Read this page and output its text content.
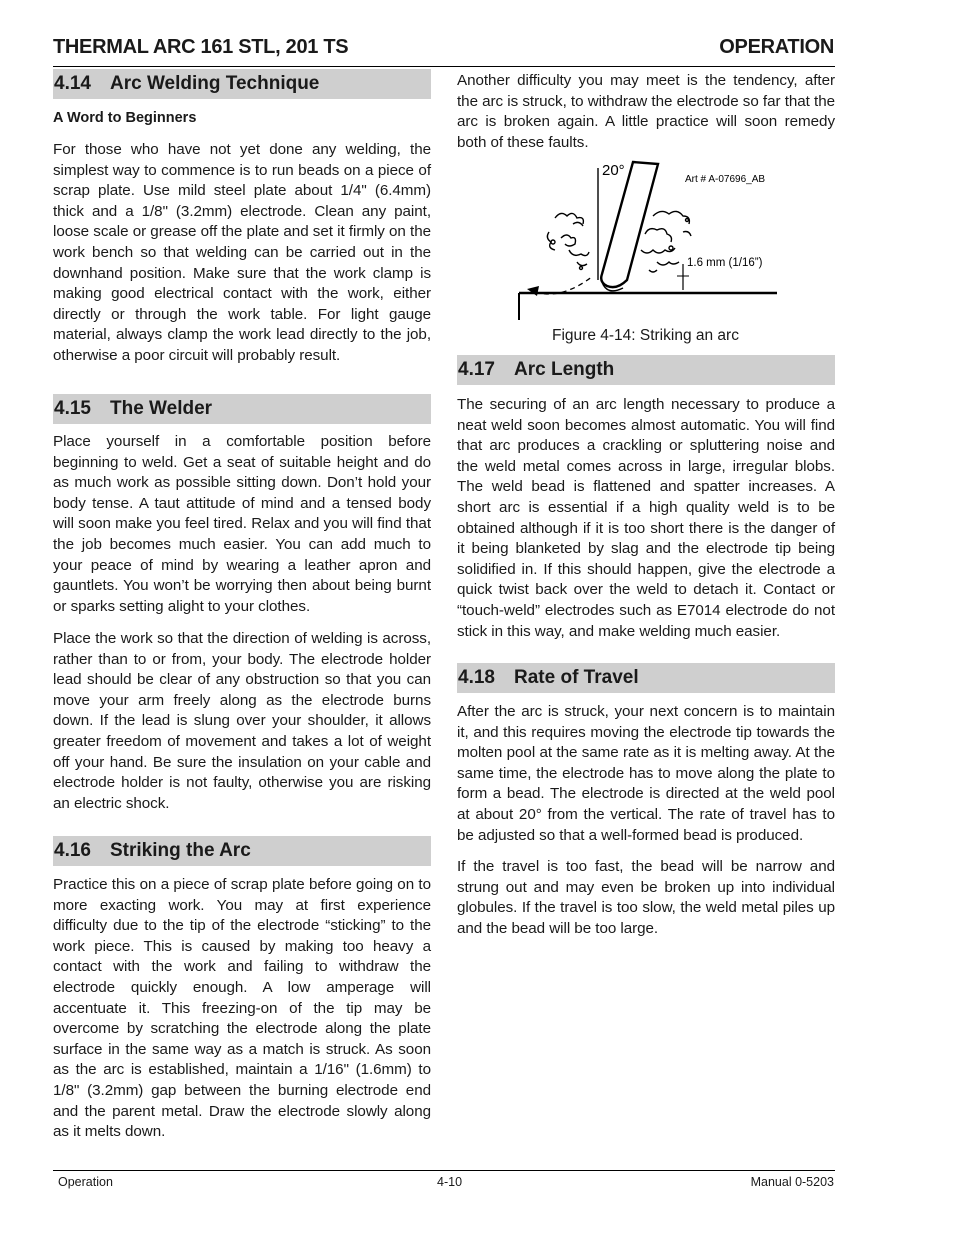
THERMAL ARC 161 STL, 201 TS	OPERATION
4.14 Arc Welding Technique
A Word to Beginners

For those who have not yet done any welding, the simplest way to commence is to run beads on a piece of scrap plate. Use mild steel plate about 1/4" (6.4mm) thick and a 1/8" (3.2mm) electrode. Clean any paint, loose scale or grease off the plate and set it firmly on the work bench so that welding can be carried out in the downhand position. Make sure that the work clamp is making good electrical contact with the work, either directly or through the work table. For light gauge material, always clamp the work lead directly to the job, otherwise a poor circuit will probably result.

4.15 The Welder

Place yourself in a comfortable position before beginning to weld. Get a seat of suitable height and do as much work as possible sitting down. Don’t hold your body tense. A taut attitude of mind and a tensed body will soon make you feel tired. Relax and you will find that the job becomes much easier. You can add much to your peace of mind by wearing a leather apron and gauntlets. You won’t be worrying then about being burnt or sparks setting alight to your clothes.

Place the work so that the direction of welding is across, rather than to or from, your body. The electrode holder lead should be clear of any obstruction so that you can move your arm freely along as the electrode burns down. If the lead is slung over your shoulder, it allows greater freedom of movement and takes a lot of weight off your hand. Be sure the insulation on your cable and electrode holder is not faulty, otherwise you are risking an electric shock.

4.16 Striking the Arc

Practice this on a piece of scrap plate before going on to more exacting work. You may at first experience difficulty due to the tip of the electrode “sticking” to the work piece. This is caused by making too heavy a contact with the work and failing to withdraw the electrode quickly enough. A low amperage will accentuate it. This freezing-on of the tip may be overcome by scratching the electrode along the plate surface in the same way as a match is struck. As soon as the arc is established, maintain a 1/16" (1.6mm) to 1/8" (3.2mm) gap between the burning electrode end and the parent metal. Draw the electrode slowly along as it melts down.

Another difficulty you may meet is the tendency, after the arc is struck, to withdraw the electrode so far that the arc is broken again. A little practice will soon remedy both of these faults.

4.17 Arc Length

The securing of an arc length necessary to produce a neat weld soon becomes almost automatic. You will find that arc produces a crackling or spluttering noise and the weld metal comes across in large, irregular blobs. The weld bead is flattened and spatter increases. A short arc is essential if a high quality weld is to be obtained although if it is too short there is the danger of it being blanketed by slag and the electrode tip being solidified in. If this should happen, give the electrode a quick twist back over the weld to detach it. Contact or “touch-weld” electrodes such as E7014 electrode do not stick in this way, and make welding much easier.

4.18 Rate of Travel

After the arc is struck, your next concern is to maintain it, and this requires moving the electrode tip towards the molten pool at the same rate as it is melting away. At the same time, the electrode has to move along the plate to form a bead. The electrode is directed at the weld pool at about 20° from the vertical. The rate of travel has to be adjusted so that a well-formed bead is produced.

If the travel is too fast, the bead will be narrow and strung out and may even be broken up into individual globules. If the travel is too slow, the weld metal piles up and the bead will be too large.

20°
Art # A-07696_AB
1.6 mm (1/16”)
Figure 4-14: Striking an arc
Operation	4-10	Manual 0-5203
